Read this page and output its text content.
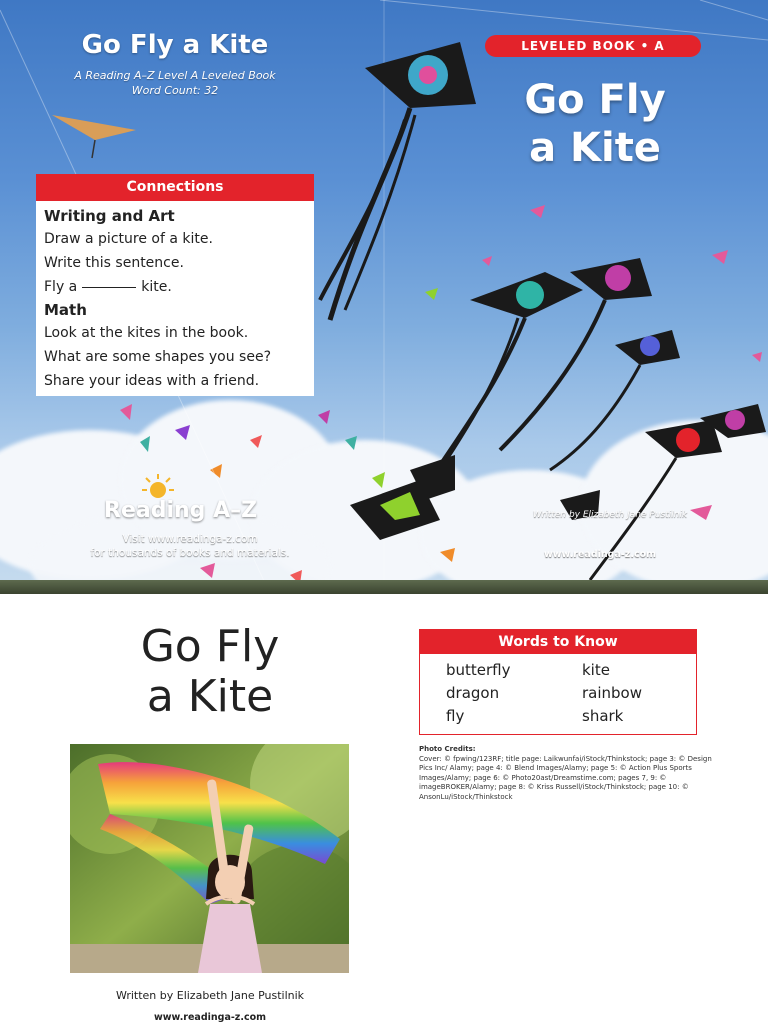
Go Fly a Kite
A Reading A–Z Level A Leveled Book
Word Count: 32
Connections
Writing and Art
Draw a picture of a kite.
Write this sentence.
Fly a	kite.
Math
Look at the kites in the book.
What are some shapes you see?
Share your ideas with a friend.
Reading A–Z
Visit www.readinga-z.com
for thousands of books and materials.
LEVELED BOOK • A
Go Fly
a Kite
Written by Elizabeth Jane Pustilnik
www.readinga-z.com
Go Fly
a Kite
Written by Elizabeth Jane Pustilnik
www.readinga-z.com
Words to Know
butterfly	kite
dragon	rainbow
fly	shark
Photo Credits:
Cover: © fpwing/123RF; title page: Laikwunfai/iStock/Thinkstock; page 3: © Design Pics Inc/ Alamy; page 4: © Blend Images/Alamy; page 5: © Action Plus Sports Images/Alamy; page 6: © Photo20ast/Dreamstime.com; pages 7, 9: © imageBROKER/Alamy; page 8: © Kriss Russell/iStock/Thinkstock; page 10: © AnsonLu/iStock/Thinkstock
